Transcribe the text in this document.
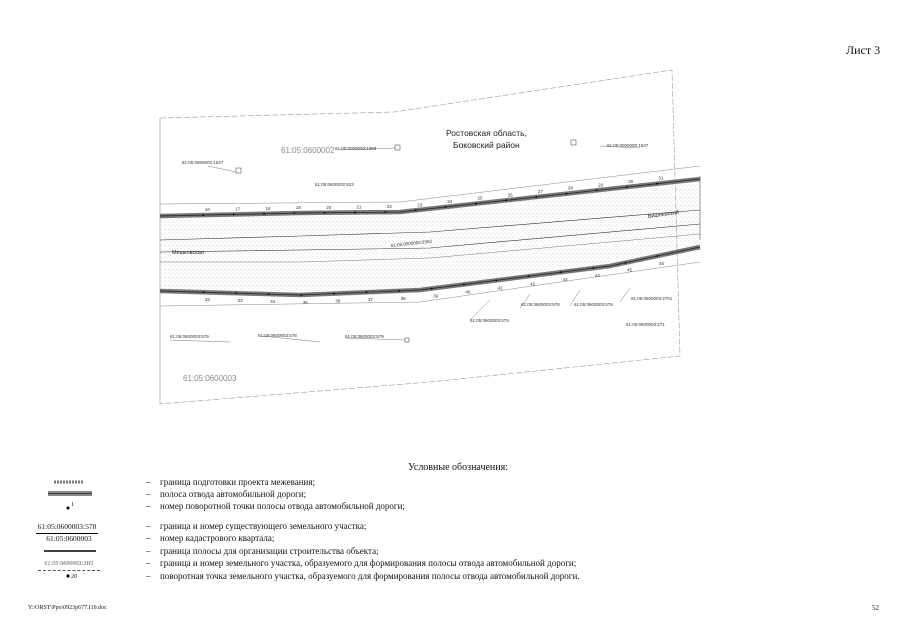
Лист 3
Ростовская область,
Боковский район
61:05:0600002
61:05:0600003
Мешковская
Вишневский
61:05:0600002:1547
61:05:0000000:1383
61:05:0000000:1537
61:05:0600002:623
61:05:0000000:2362
61:05:0600003:579
61:05:0600003:578	61:05:0600003:578
61:05:0600003:579	61:05:0600003:578	61:05:0600003:579
61:05:0600003:2701
61:05:0600003:271
16	17	18	19	20	21	22	23
24
25
26
27
28
29
30
31
32	33	34	35	36	37	38	39
40
41
42
43
44
45
46
Условные обозначения:
– граница подготовки проекта межевания;
– полоса отвода автомобильной дороги;
1	– номер поворотной точки полосы отвода автомобильной дороги;
61:05:0600003:578	– граница и номер существующего земельного участка;
61:05:0600003	– номер кадастрового квартала;
– граница полосы для организации строительства объекта;
61:05:0600003:3Н1	– граница и номер земельного участка, образуемого для формирования полосы отвода автомобильной дороги;
20	– поворотная точка земельного участка, образуемого для формирования полосы отвода автомобильной дороги.
Y:\ORST\Ppo\0923p677.f19.doc	52
